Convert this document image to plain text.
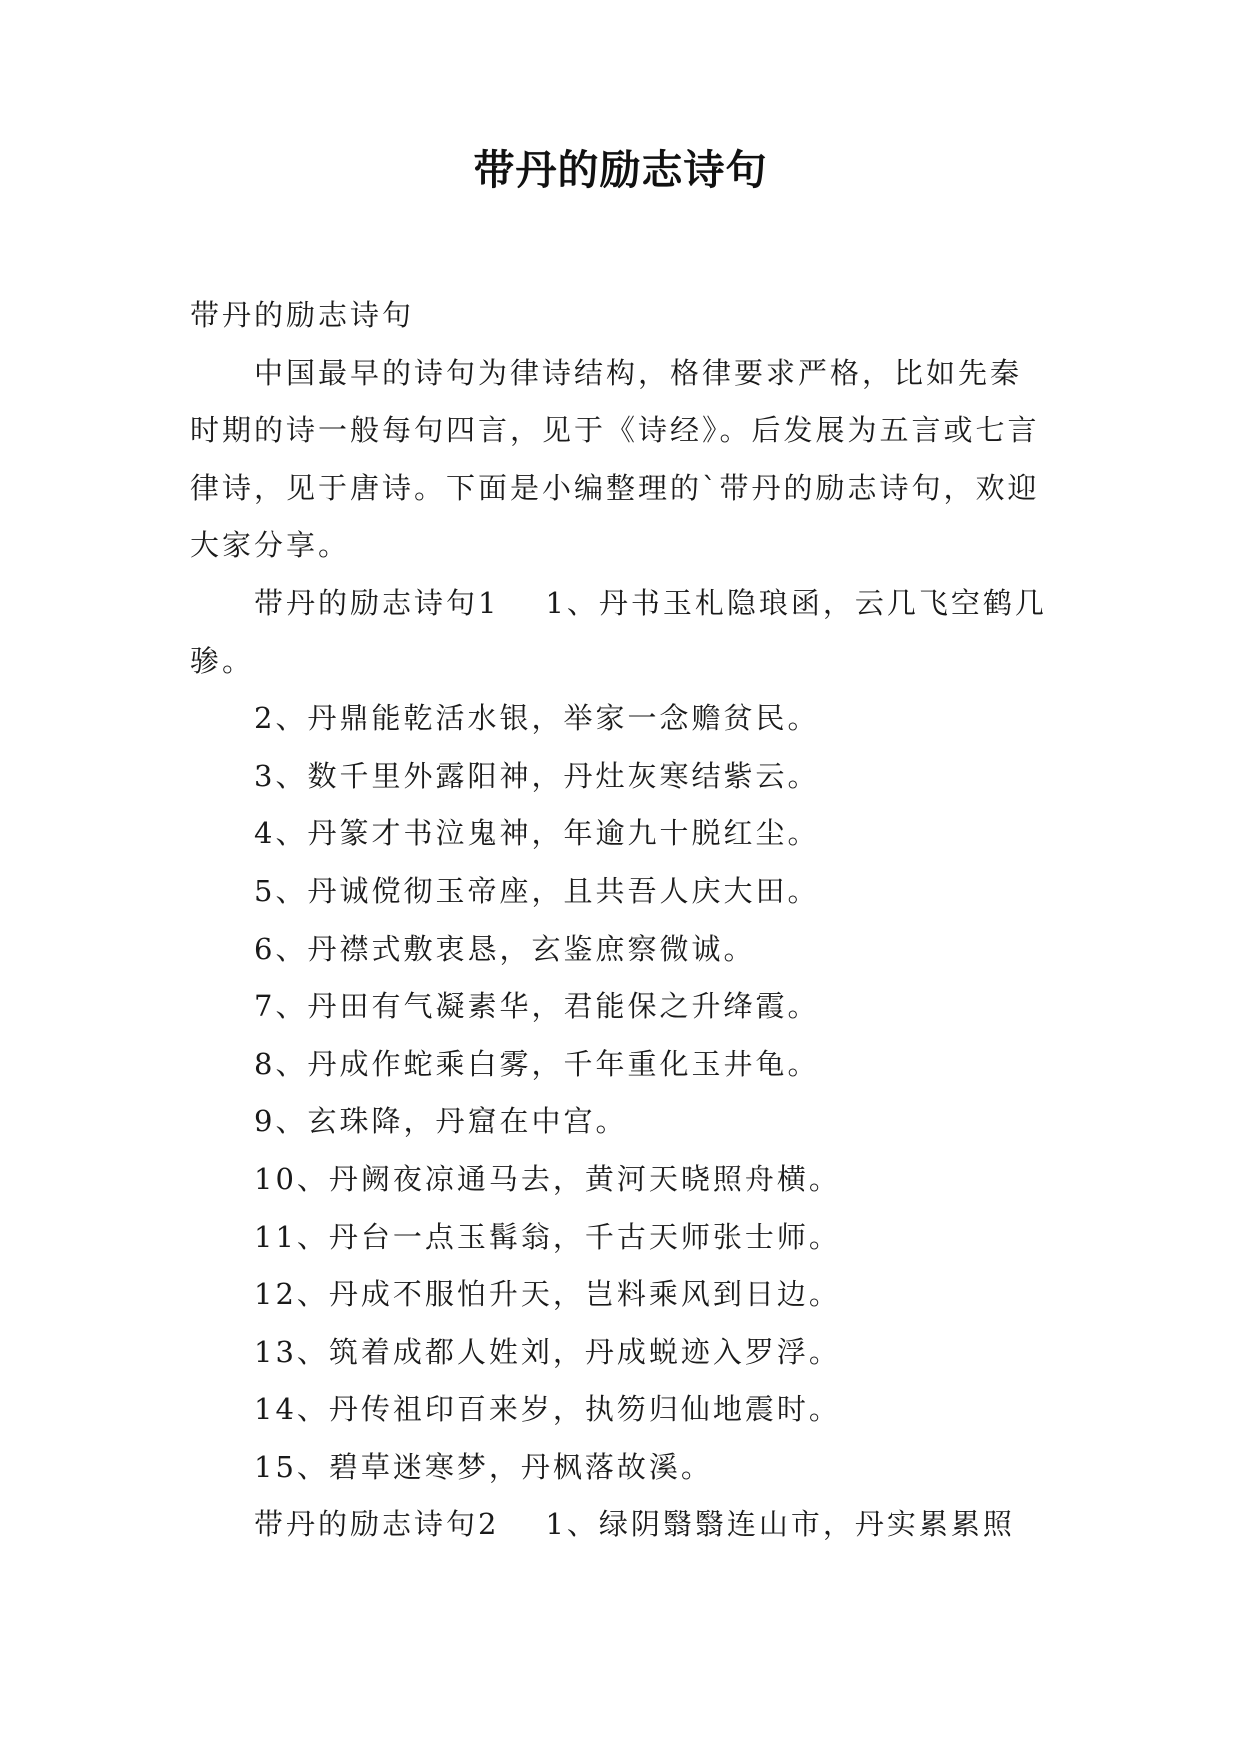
带丹的励志诗句

带丹的励志诗句

中国最早的诗句为律诗结构，格律要求严格，比如先秦时期的诗一般每句四言，见于《诗经》。后发展为五言或七言律诗，见于唐诗。下面是小编整理的`带丹的励志诗句，欢迎大家分享。

带丹的励志诗句1 1、丹书玉札隐琅函，云几飞空鹤几骖。

2、丹鼎能乾活水银，举家一念赡贫民。

3、数千里外露阳神，丹灶灰寒结紫云。

4、丹篆才书泣鬼神，年逾九十脱红尘。

5、丹诚傥彻玉帝座，且共吾人庆大田。

6、丹襟式敷衷恳，玄鉴庶察微诚。

7、丹田有气凝素华，君能保之升绛霞。

8、丹成作蛇乘白雾，千年重化玉井龟。

9、玄珠降，丹窟在中宫。

10、丹阙夜凉通马去，黄河天晓照舟横。

11、丹台一点玉髯翁，千古天师张士师。

12、丹成不服怕升天，岂料乘风到日边。

13、筑着成都人姓刘，丹成蜕迹入罗浮。

14、丹传祖印百来岁，执笏归仙地震时。

15、碧草迷寒梦，丹枫落故溪。

带丹的励志诗句2 1、绿阴翳翳连山市，丹实累累照
